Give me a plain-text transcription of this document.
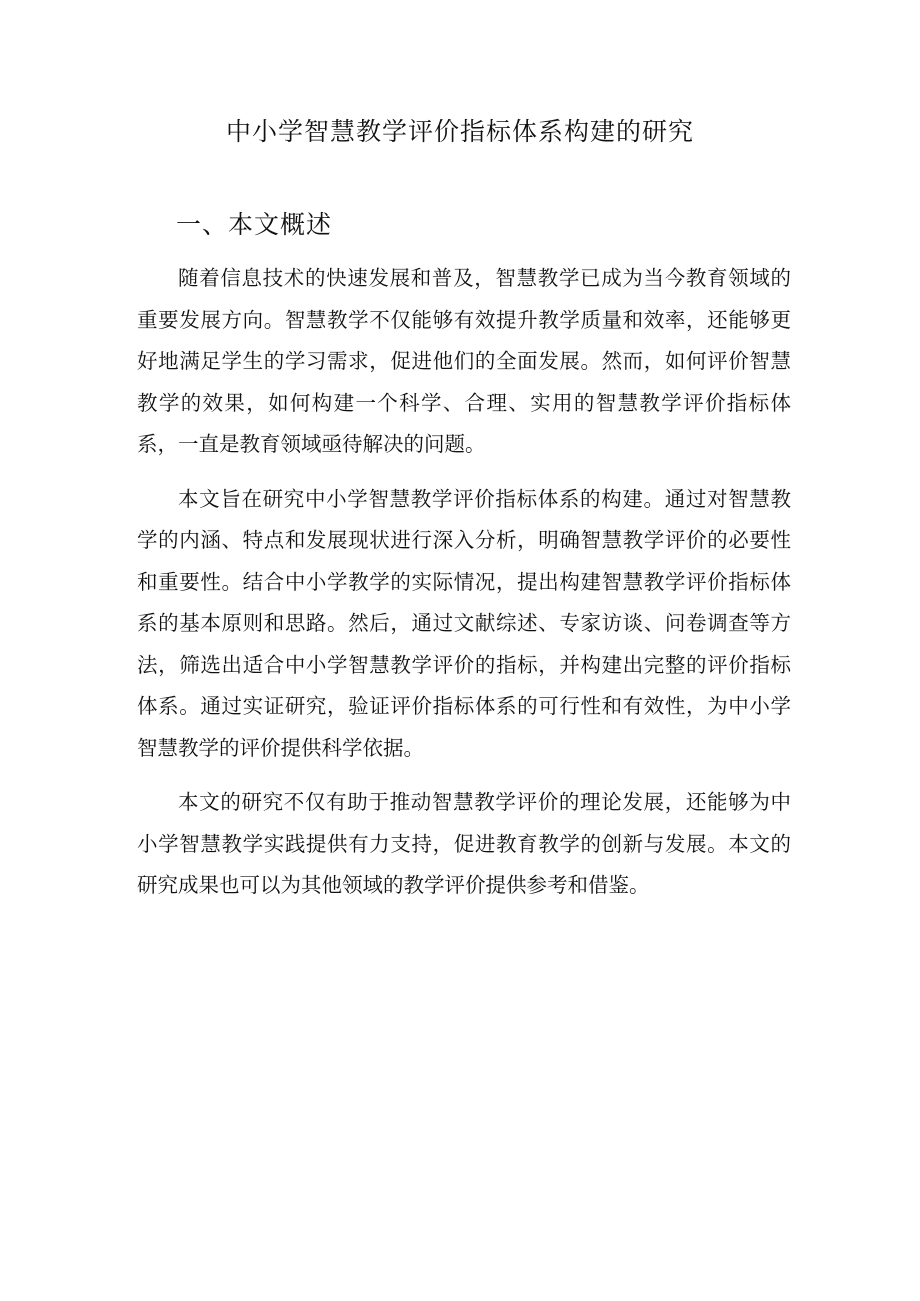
中小学智慧教学评价指标体系构建的研究
一、本文概述

随着信息技术的快速发展和普及，智慧教学已成为当今教育领域的重要发展方向。智慧教学不仅能够有效提升教学质量和效率，还能够更好地满足学生的学习需求，促进他们的全面发展。然而，如何评价智慧教学的效果，如何构建一个科学、合理、实用的智慧教学评价指标体系，一直是教育领域亟待解决的问题。

本文旨在研究中小学智慧教学评价指标体系的构建。通过对智慧教学的内涵、特点和发展现状进行深入分析，明确智慧教学评价的必要性和重要性。结合中小学教学的实际情况，提出构建智慧教学评价指标体系的基本原则和思路。然后，通过文献综述、专家访谈、问卷调查等方法，筛选出适合中小学智慧教学评价的指标，并构建出完整的评价指标体系。通过实证研究，验证评价指标体系的可行性和有效性，为中小学智慧教学的评价提供科学依据。

本文的研究不仅有助于推动智慧教学评价的理论发展，还能够为中小学智慧教学实践提供有力支持，促进教育教学的创新与发展。本文的研究成果也可以为其他领域的教学评价提供参考和借鉴。
